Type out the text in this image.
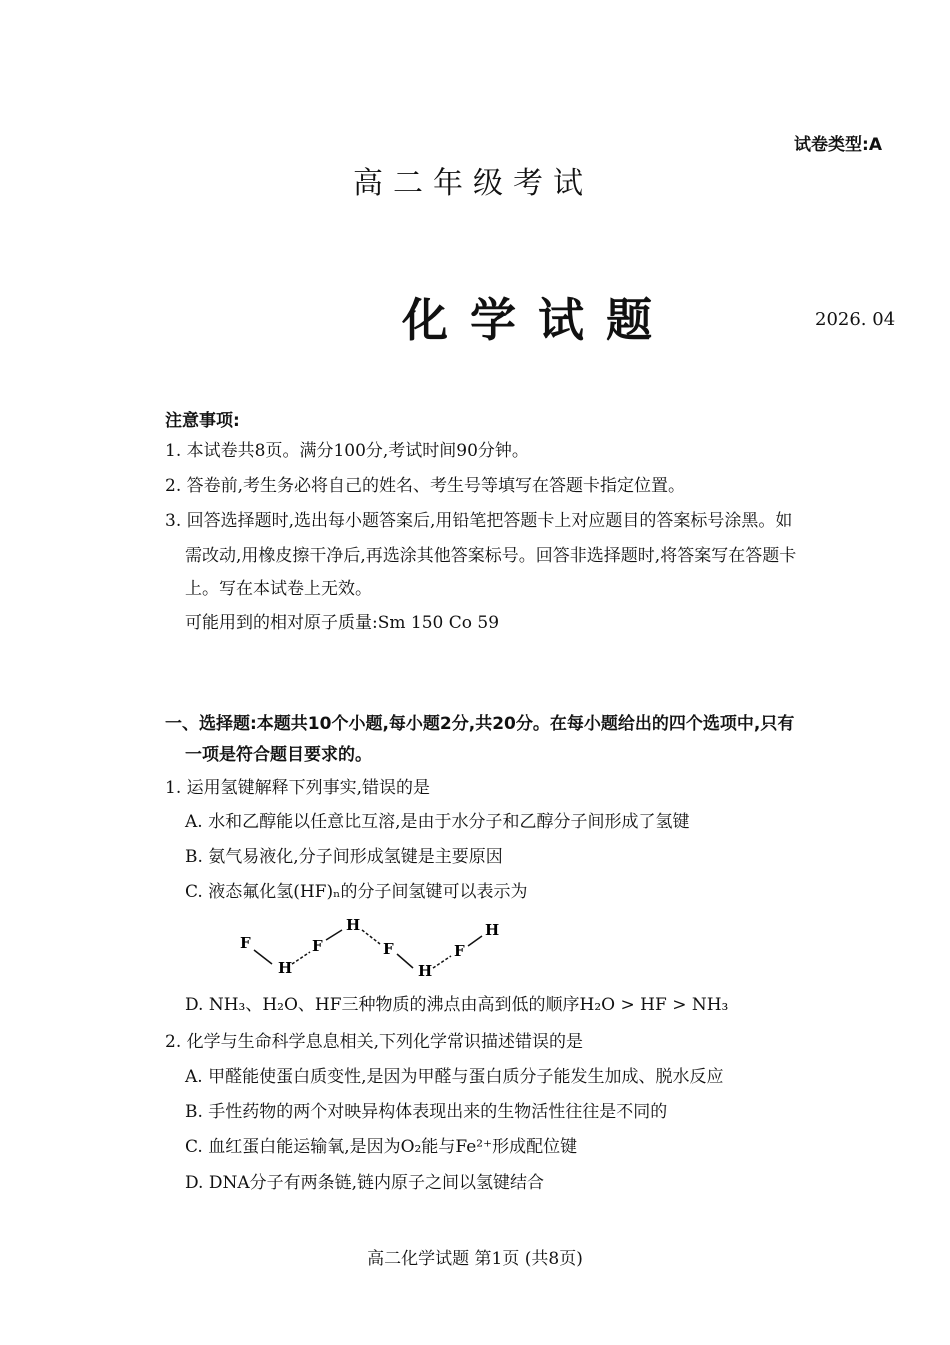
试卷类型:A
高二年级考试
化学试题	2026. 04
注意事项:
1. 本试卷共8页。满分100分,考试时间90分钟。
2. 答卷前,考生务必将自己的姓名、考生号等填写在答题卡指定位置。
3. 回答选择题时,选出每小题答案后,用铅笔把答题卡上对应题目的答案标号涂黑。如
需改动,用橡皮擦干净后,再选涂其他答案标号。回答非选择题时,将答案写在答题卡
上。写在本试卷上无效。
可能用到的相对原子质量:Sm 150 Co 59
一、选择题:本题共10个小题,每小题2分,共20分。在每小题给出的四个选项中,只有
一项是符合题目要求的。
1. 运用氢键解释下列事实,错误的是
A. 水和乙醇能以任意比互溶,是由于水分子和乙醇分子间形成了氢键
B. 氨气易液化,分子间形成氢键是主要原因
C. 液态氟化氢(HF)ₙ的分子间氢键可以表示为
F
H
F
H
F
H
F
H
D. NH₃、H₂O、HF三种物质的沸点由高到低的顺序H₂O > HF > NH₃
2. 化学与生命科学息息相关,下列化学常识描述错误的是
A. 甲醛能使蛋白质变性,是因为甲醛与蛋白质分子能发生加成、脱水反应
B. 手性药物的两个对映异构体表现出来的生物活性往往是不同的
C. 血红蛋白能运输氧,是因为O₂能与Fe²⁺形成配位键
D. DNA分子有两条链,链内原子之间以氢键结合
高二化学试题 第1页 (共8页)
